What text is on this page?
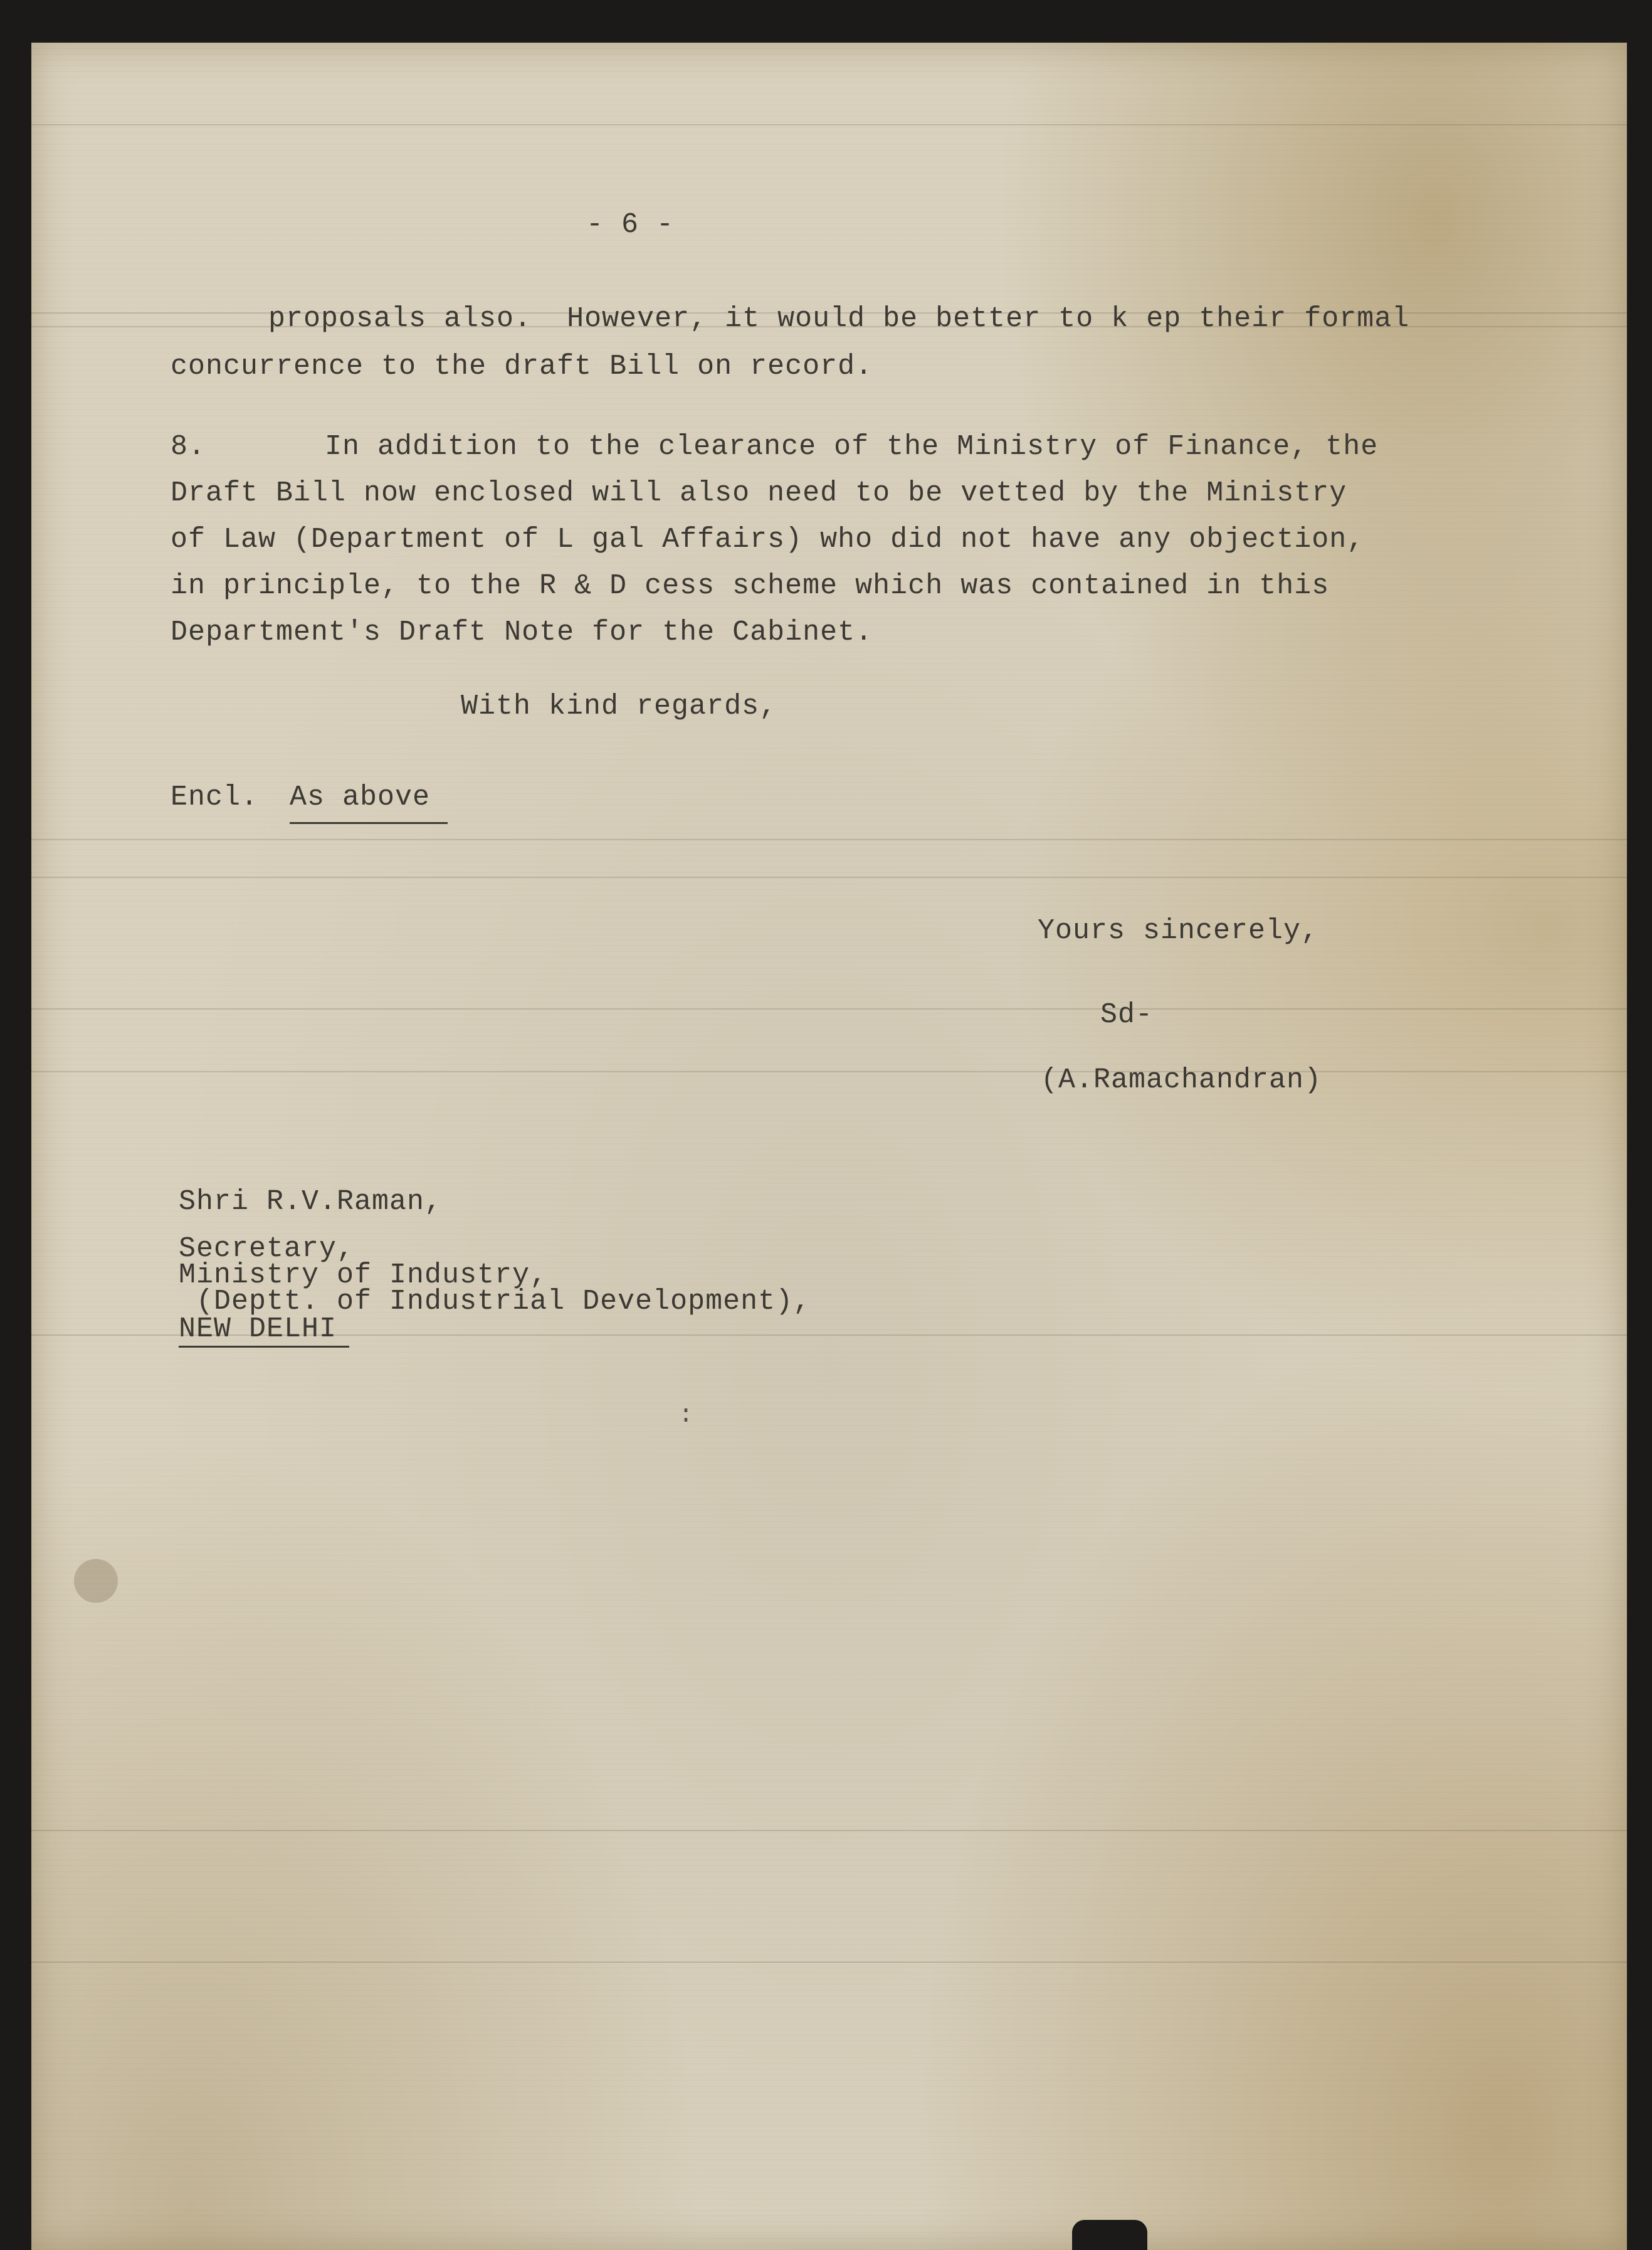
- 6 -
proposals also.  However, it would be better to k ep their formal
concurrence to the draft Bill on record.
8.	In addition to the clearance of the Ministry of Finance, the
Draft Bill now enclosed will also need to be vetted by the Ministry
of Law (Department of L gal Affairs) who did not have any objection,
in principle, to the R & D cess scheme which was contained in this
Department's Draft Note for the Cabinet.
With kind regards,
Encl. As above
Yours sincerely,
Sd-
(A.Ramachandran)
Shri R.V.Raman,
Secretary,
Ministry of Industry,
(Deptt. of Industrial Development),
NEW DELHI
:
